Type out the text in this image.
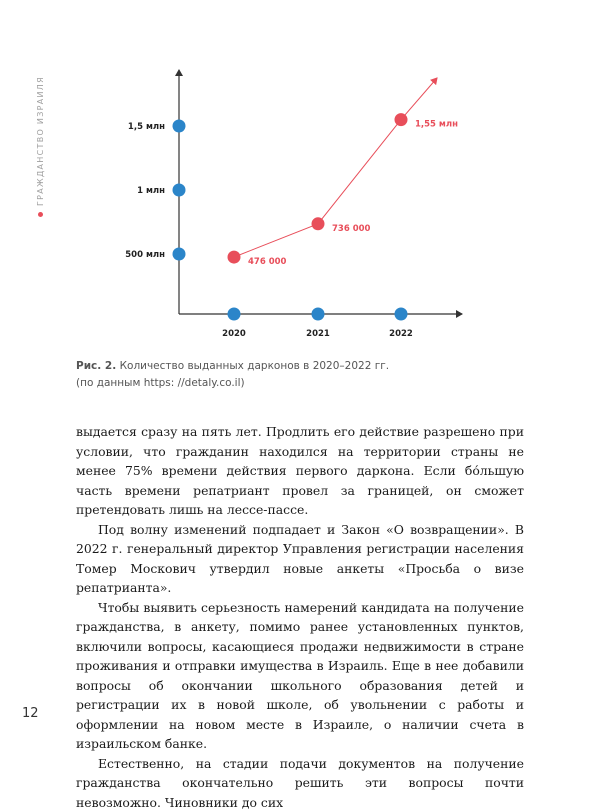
ГРАЖДАНСТВО ИЗРАИЛЯ
500 млн
1 млн
1,5 млн
2020	2021	2022
476 000
736 000
1,55 млн
Рис. 2. Количество выданных дарконов в 2020–2022 гг.
(по данным https: //detaly.co.il)

выдается сразу на пять лет. Продлить его действие разрешено при условии, что гражданин находился на территории страны не менее 75% времени действия первого даркона. Если бо́льшую часть времени репатриант провел за границей, он сможет претендовать лишь на лессе-пассе.

Под волну изменений подпадает и Закон «О возвращении». В 2022 г. генеральный директор Управления регистрации населения Томер Москович утвердил новые анкеты «Просьба о визе репатрианта».

Чтобы выявить серьезность намерений кандидата на получение гражданства, в анкету, помимо ранее установленных пунктов, включили вопросы, касающиеся продажи недвижимости в стране проживания и отправки имущества в Израиль. Еще в нее добавили вопросы об окончании школьного образования детей и регистрации их в новой школе, об увольнении с работы и оформлении на новом месте в Израиле, о наличии счета в израильском банке.

Естественно, на стадии подачи документов на получение гражданства окончательно решить эти вопросы почти невозможно. Чиновники до сих

12
